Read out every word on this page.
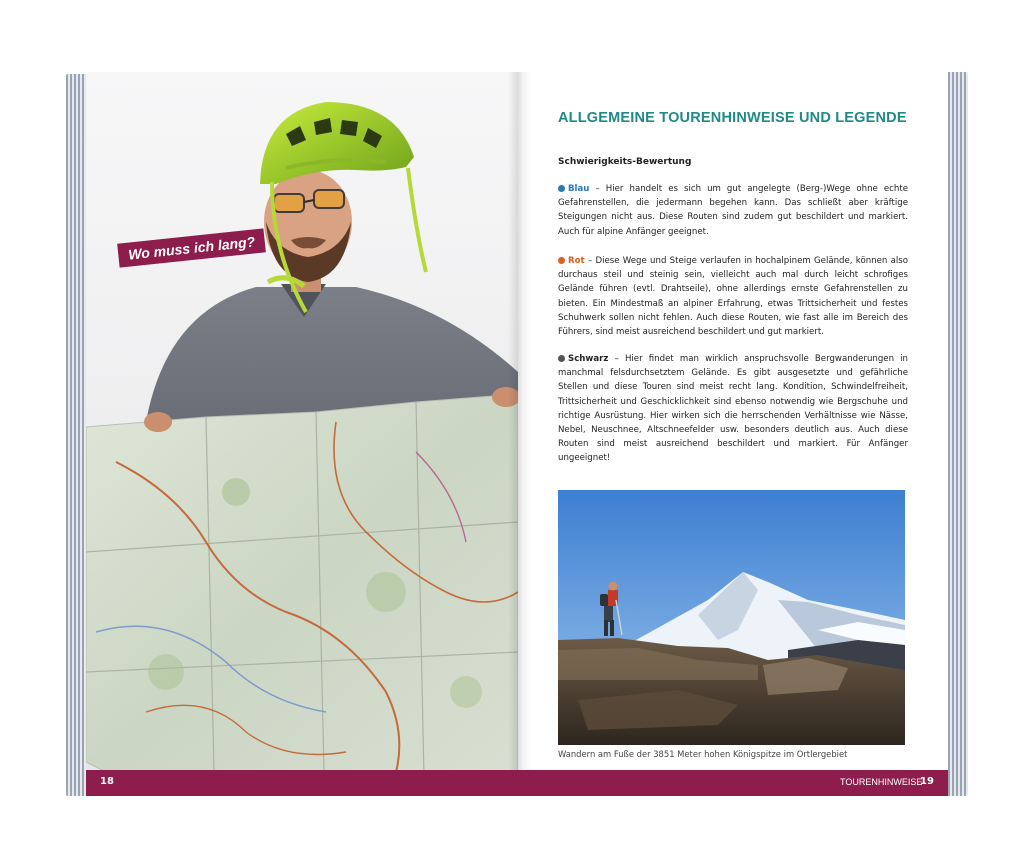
Wo muss ich lang?
ALLGEMEINE TOURENHINWEISE UND LEGENDE
Schwierigkeits-Bewertung
Blau – Hier handelt es sich um gut angelegte (Berg-)Wege ohne echte Gefahrenstellen, die jedermann begehen kann. Das schließt aber kräftige Steigungen nicht aus. Diese Routen sind zudem gut beschildert und markiert. Auch für alpine Anfänger geeignet.
Rot – Diese Wege und Steige verlaufen in hochalpinem Gelände, können also durchaus steil und steinig sein, vielleicht auch mal durch leicht schrofiges Gelände führen (evtl. Drahtseile), ohne allerdings ernste Gefahrenstellen zu bieten. Ein Mindestmaß an alpiner Erfahrung, etwas Trittsicherheit und festes Schuhwerk sollen nicht fehlen. Auch diese Routen, wie fast alle im Bereich des Führers, sind meist ausreichend beschildert und gut markiert.
Schwarz – Hier findet man wirklich anspruchsvolle Bergwanderungen in manchmal felsdurchsetztem Gelände. Es gibt ausgesetzte und gefährliche Stellen und diese Touren sind meist recht lang. Kondition, Schwindelfreiheit, Trittsicherheit und Geschicklichkeit sind ebenso notwendig wie Bergschuhe und richtige Ausrüstung. Hier wirken sich die herrschenden Verhältnisse wie Nässe, Nebel, Neuschnee, Altschneefelder usw. besonders deutlich aus. Auch diese Routen sind meist ausreichend beschildert und markiert. Für Anfänger ungeeignet!
Wandern am Fuße der 3851 Meter hohen Königspitze im Ortlergebiet
18	TOURENHINWEISE
19
